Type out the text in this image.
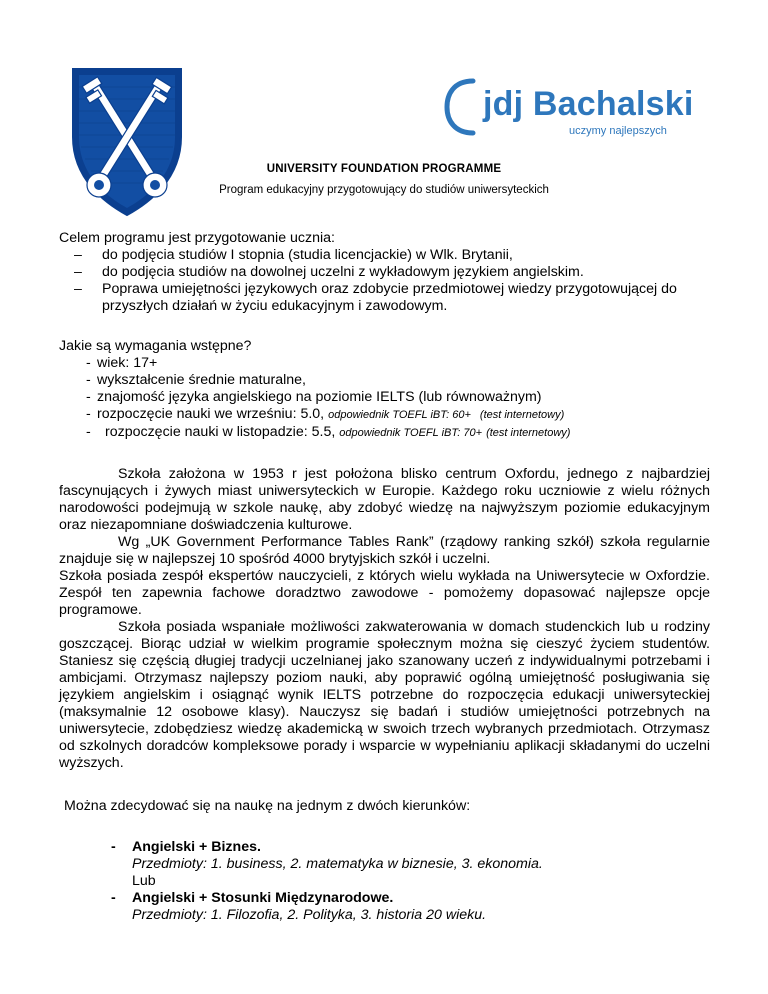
jdj Bachalski
uczymy najlepszych
UNIVERSITY FOUNDATION PROGRAMME
Program edukacyjny przygotowujący do studiów uniwersyteckich
Celem programu jest przygotowanie ucznia:
– do podjęcia studiów I stopnia (studia licencjackie) w Wlk. Brytanii,
– do podjęcia studiów na dowolnej uczelni z wykładowym językiem angielskim.
– Poprawa umiejętności językowych oraz zdobycie przedmiotowej wiedzy przygotowującej do przyszłych działań w życiu edukacyjnym i zawodowym.
Jakie są wymagania wstępne?
- wiek: 17+
- wykształcenie średnie maturalne,
- znajomość języka angielskiego na poziomie IELTS (lub równoważnym)
- rozpoczęcie nauki we wrześniu: 5.0, odpowiednik TOEFL iBT: 60+ (test internetowy)
- rozpoczęcie nauki w listopadzie: 5.5, odpowiednik TOEFL iBT: 70+ (test internetowy)

Szkoła założona w 1953 r jest położona blisko centrum Oxfordu, jednego z najbardziej fascynujących i żywych miast uniwersyteckich w Europie. Każdego roku uczniowie z wielu różnych narodowości podejmują w szkole naukę, aby zdobyć wiedzę na najwyższym poziomie edukacyjnym oraz niezapomniane doświadczenia kulturowe.

Wg „UK Government Performance Tables Rank” (rządowy ranking szkół) szkoła regularnie znajduje się w najlepszej 10 spośród 4000 brytyjskich szkół i uczelni.

Szkoła posiada zespół ekspertów nauczycieli, z których wielu wykłada na Uniwersytecie w Oxfordzie. Zespół ten zapewnia fachowe doradztwo zawodowe - pomożemy dopasować najlepsze opcje programowe.

Szkoła posiada wspaniałe możliwości zakwaterowania w domach studenckich lub u rodziny goszczącej. Biorąc udział w wielkim programie społecznym można się cieszyć życiem studentów. Staniesz się częścią długiej tradycji uczelnianej jako szanowany uczeń z indywidualnymi potrzebami i ambicjami. Otrzymasz najlepszy poziom nauki, aby poprawić ogólną umiejętność posługiwania się językiem angielskim i osiągnąć wynik IELTS potrzebne do rozpoczęcia edukacji uniwersyteckiej (maksymalnie 12 osobowe klasy). Nauczysz się badań i studiów umiejętności potrzebnych na uniwersytecie, zdobędziesz wiedzę akademicką w swoich trzech wybranych przedmiotach. Otrzymasz od szkolnych doradców kompleksowe porady i wsparcie w wypełnianiu aplikacji składanymi do uczelni wyższych.

Można zdecydować się na naukę na jednym z dwóch kierunków:
- Angielski + Biznes.
Przedmioty: 1. business, 2. matematyka w biznesie, 3. ekonomia.
Lub
- Angielski + Stosunki Międzynarodowe.
Przedmioty: 1. Filozofia, 2. Polityka, 3. historia 20 wieku.
